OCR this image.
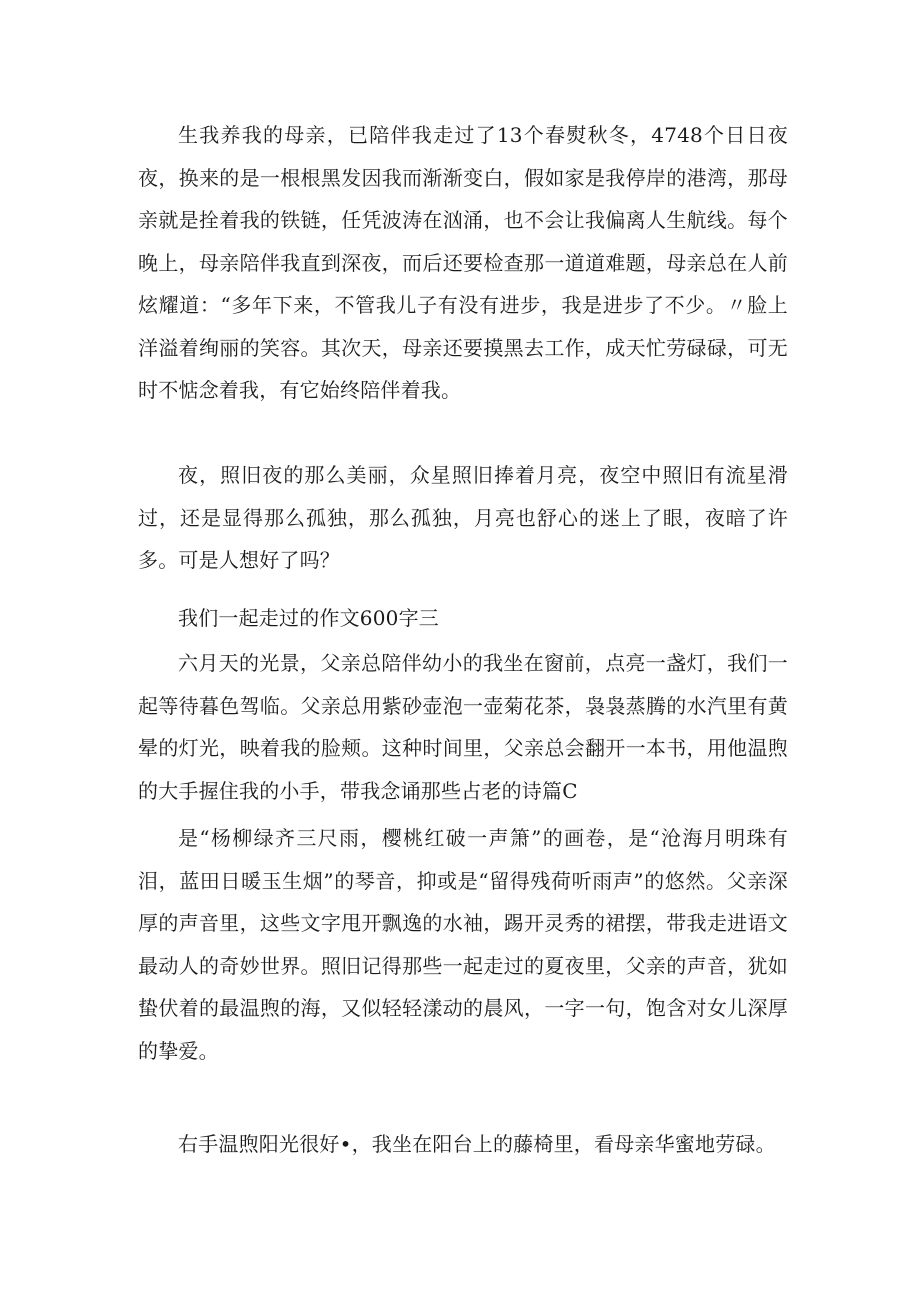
生我养我的母亲，已陪伴我走过了13个春熨秋冬，4748个日日夜夜，换来的是一根根黑发因我而渐渐变白，假如家是我停岸的港湾，那母亲就是拴着我的铁链，任凭波涛在汹涌，也不会让我偏离人生航线。每个晚上，母亲陪伴我直到深夜，而后还要检查那一道道难题，母亲总在人前炫耀道：“多年下来，不管我儿子有没有进步，我是进步了不少。〃脸上洋溢着绚丽的笑容。其次天，母亲还要摸黑去工作，成天忙劳碌碌，可无时不惦念着我，有它始终陪伴着我。

夜，照旧夜的那么美丽，众星照旧捧着月亮，夜空中照旧有流星滑过，还是显得那么孤独，那么孤独，月亮也舒心的迷上了眼，夜暗了许多。可是人想好了吗？

我们一起走过的作文600字三

六月天的光景，父亲总陪伴幼小的我坐在窗前，点亮一盏灯，我们一起等待暮色驾临。父亲总用紫砂壶泡一壶菊花茶，袅袅蒸腾的水汽里有黄晕的灯光，映着我的脸颊。这种时间里，父亲总会翻开一本书，用他温煦的大手握住我的小手，带我念诵那些占老的诗篇C

是“杨柳绿齐三尺雨，樱桃红破一声箫”的画卷，是“沧海月明珠有泪，蓝田日暖玉生烟”的琴音，抑或是“留得残荷听雨声”的悠然。父亲深厚的声音里，这些文字甩开飘逸的水袖，踢开灵秀的裙摆，带我走进语文最动人的奇妙世界。照旧记得那些一起走过的夏夜里，父亲的声音，犹如蛰伏着的最温煦的海，又似轻轻漾动的晨风，一字一句，饱含对女儿深厚的挚爱。

右手温煦阳光很好•，我坐在阳台上的藤椅里，看母亲华蜜地劳碌。
